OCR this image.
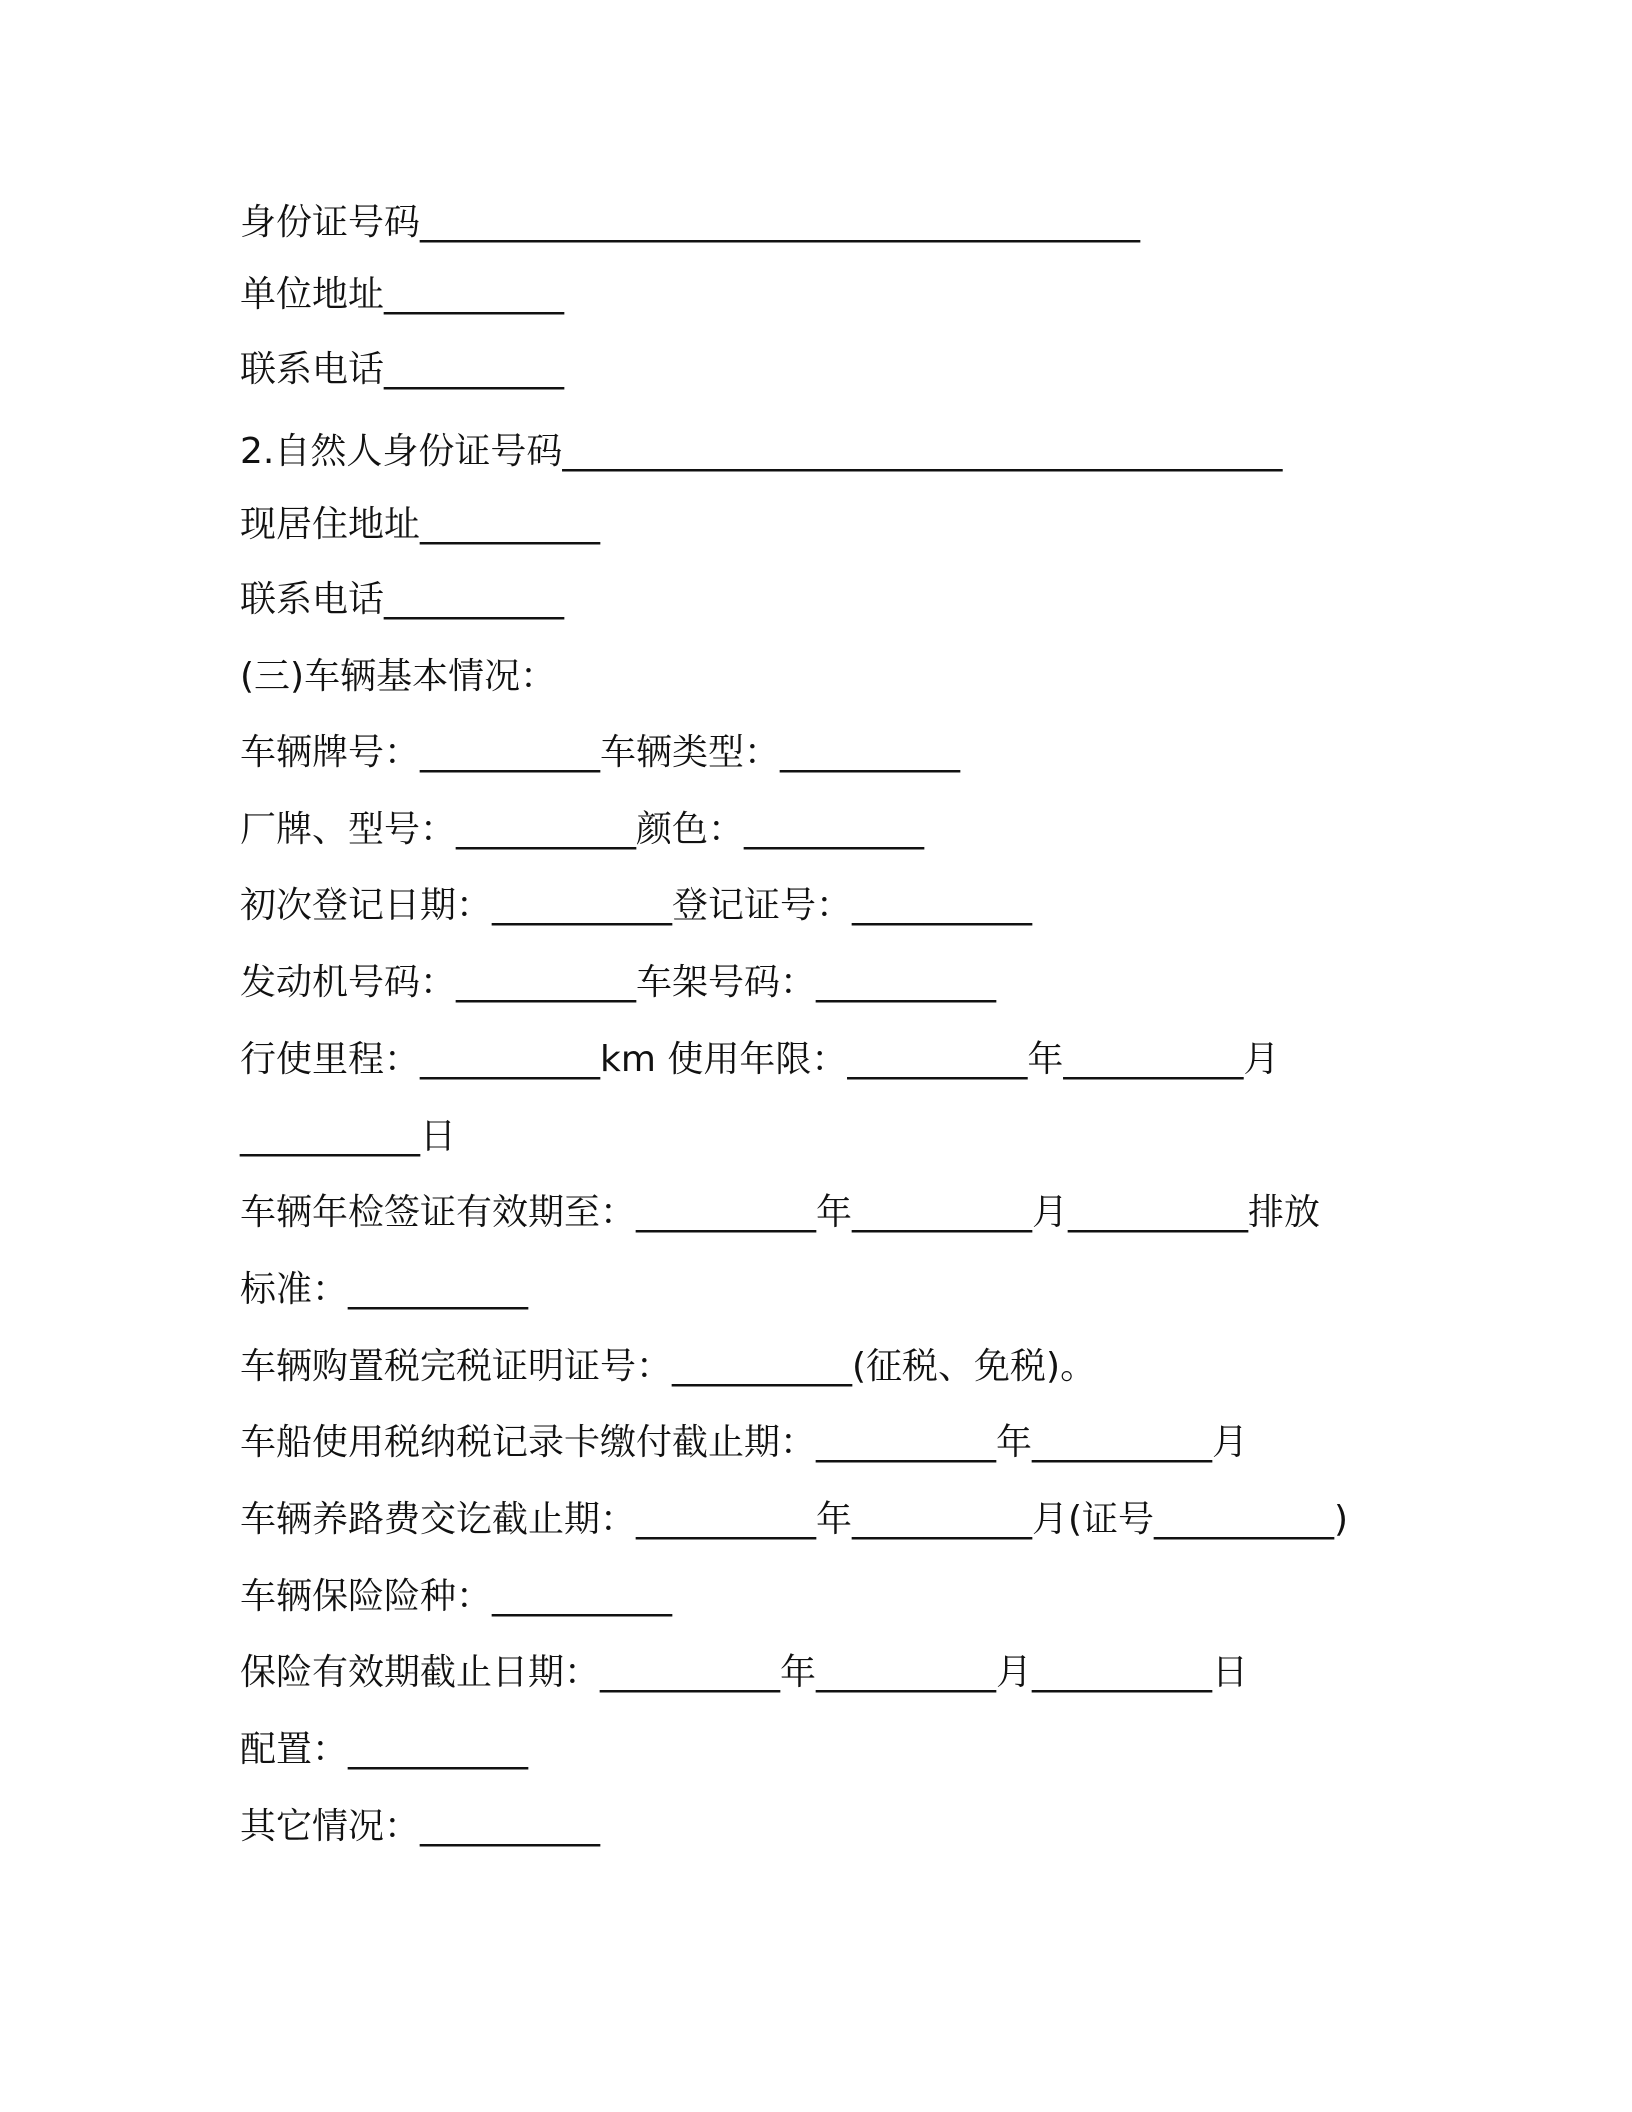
身份证号码________________________________________
单位地址__________
联系电话__________
2.自然人身份证号码________________________________________
现居住地址__________
联系电话__________
(三)车辆基本情况：
车辆牌号：__________车辆类型：__________
厂牌、型号：__________颜色：__________
初次登记日期：__________登记证号：__________
发动机号码：__________车架号码：__________
行使里程：__________km 使用年限：__________年__________月
__________日
车辆年检签证有效期至：__________年__________月__________排放
标准：__________
车辆购置税完税证明证号：__________(征税、免税)。
车船使用税纳税记录卡缴付截止期：__________年__________月
车辆养路费交讫截止期：__________年__________月(证号__________)
车辆保险险种：__________
保险有效期截止日期：__________年__________月__________日
配置：__________
其它情况：__________
